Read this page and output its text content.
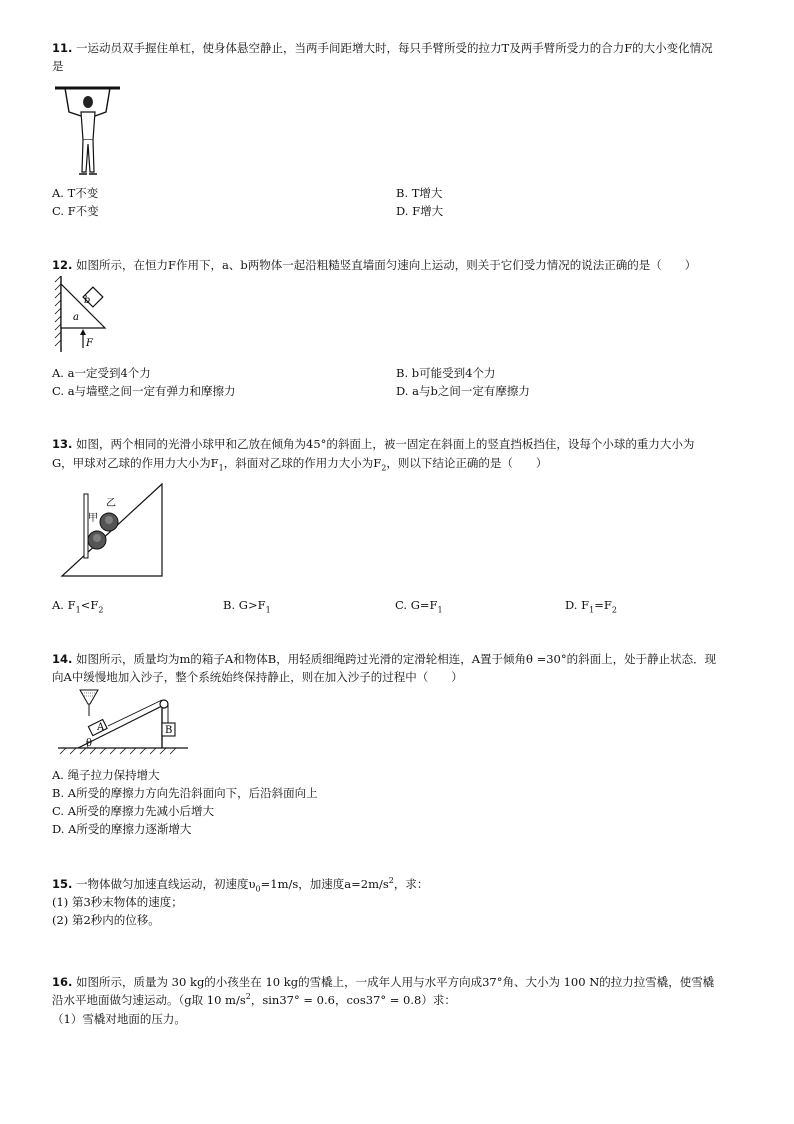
11. 一运动员双手握住单杠，使身体悬空静止，当两手间距增大时，每只手臂所受的拉力T及两手臂所受力的合力F的大小变化情况
是
A. T不变	B. T增大
C. F不变	D. F增大
12. 如图所示，在恒力F作用下，a、b两物体一起沿粗糙竖直墙面匀速向上运动，则关于它们受力情况的说法正确的是（　　）
b
a
F
A. a一定受到4个力	B. b可能受到4个力
C. a与墙壁之间一定有弹力和摩擦力	D. a与b之间一定有摩擦力
13. 如图，两个相同的光滑小球甲和乙放在倾角为45°的斜面上，被一固定在斜面上的竖直挡板挡住，设每个小球的重力大小为
G，甲球对乙球的作用力大小为$F_1$，斜面对乙球的作用力大小为$F_2$，则以下结论正确的是（　　）
甲
乙
A. $F_1<F_2$	B. $G>F_1$	C. $G=F_1$	D. $F_1=F_2$
14. 如图所示，质量均为m的箱子A和物体B，用轻质细绳跨过光滑的定滑轮相连，A置于倾角θ =30°的斜面上，处于静止状态．现
向A中缓慢地加入沙子，整个系统始终保持静止，则在加入沙子的过程中（　　）
A	B
θ
A. 绳子拉力保持增大
B. A所受的摩擦力方向先沿斜面向下，后沿斜面向上
C. A所受的摩擦力先减小后增大
D. A所受的摩擦力逐渐增大
15. 一物体做匀加速直线运动，初速度$\upsilon_0=1m/s$，加速度$a=2m/s^2$，求：
(1) 第3秒末物体的速度；
(2) 第2秒内的位移。
16. 如图所示，质量为 30 kg的小孩坐在 10 kg的雪橇上，一成年人用与水平方向成37°角、大小为 100 N的拉力拉雪橇，使雪橇
沿水平地面做匀速运动。（g取 10 $m/s^2$，sin37° = 0.6，cos37° = 0.8）求：
（1）雪橇对地面的压力。
